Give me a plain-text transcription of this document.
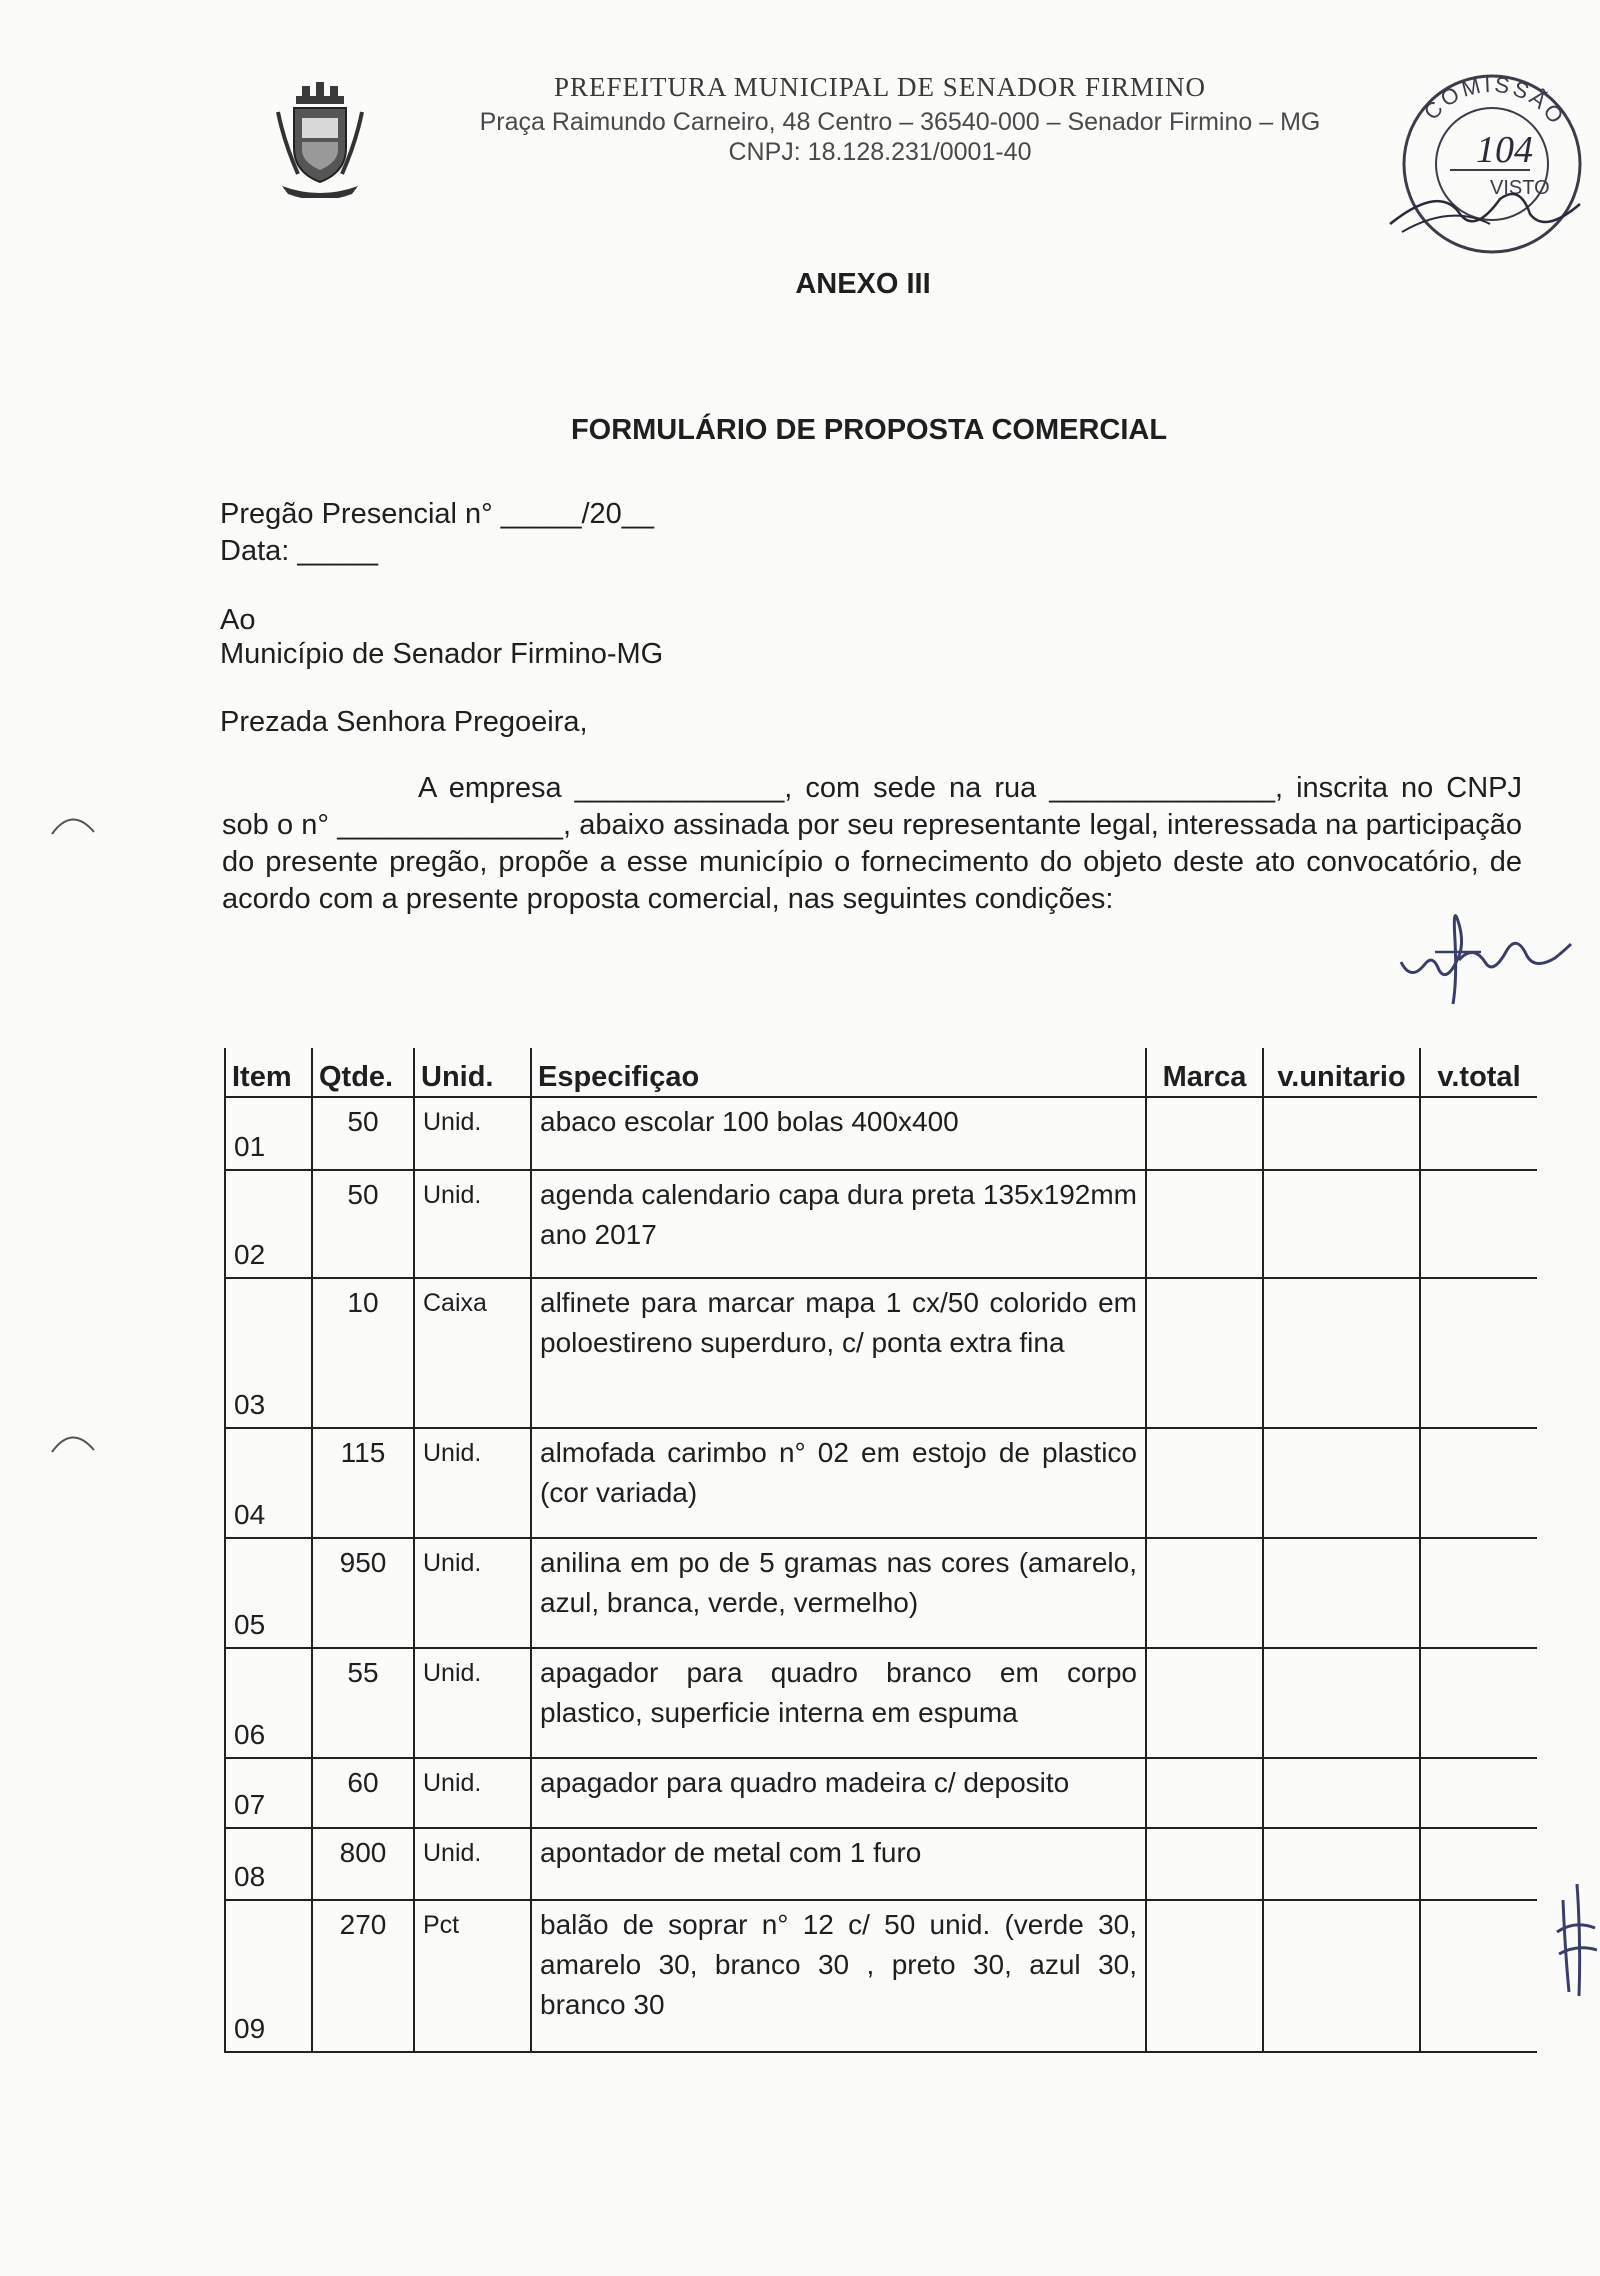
PREFEITURA MUNICIPAL DE SENADOR FIRMINO
Praça Raimundo Carneiro, 48 Centro – 36540-000 – Senador Firmino – MG
CNPJ: 18.128.231/0001-40
COMISSÃO
104
VISTO
ANEXO III
FORMULÁRIO DE PROPOSTA COMERCIAL
Pregão Presencial n° _____/20__
Data: _____
Ao
Município de Senador Firmino-MG
Prezada Senhora Pregoeira,
A empresa _____________, com sede na rua ______________, inscrita no CNPJ sob o n° ______________, abaixo assinada por seu representante legal, interessada na participação do presente pregão, propõe a esse município o fornecimento do objeto deste ato convocatório, de acordo com a presente proposta comercial, nas seguintes condições:
Item	Qtde.	Unid.	Especifiçao	Marca	v.unitario	v.total
01	50	Unid.	abaco escolar 100 bolas 400x400			
02	50	Unid.	agenda calendario capa dura preta 135x192mm ano 2017			
03	10	Caixa	alfinete para marcar mapa 1 cx/50 colorido em poloestireno superduro, c/ ponta extra fina			
04	115	Unid.	almofada carimbo n° 02 em estojo de plastico (cor variada)			
05	950	Unid.	anilina em po de 5 gramas nas cores (amarelo, azul, branca, verde, vermelho)			
06	55	Unid.	apagador para quadro branco em corpo plastico, superficie interna em espuma			
07	60	Unid.	apagador para quadro madeira c/ deposito			
08	800	Unid.	apontador de metal com 1 furo			
09	270	Pct	balão de soprar n° 12 c/ 50 unid. (verde 30, amarelo 30, branco 30 , preto 30, azul 30, branco 30			
